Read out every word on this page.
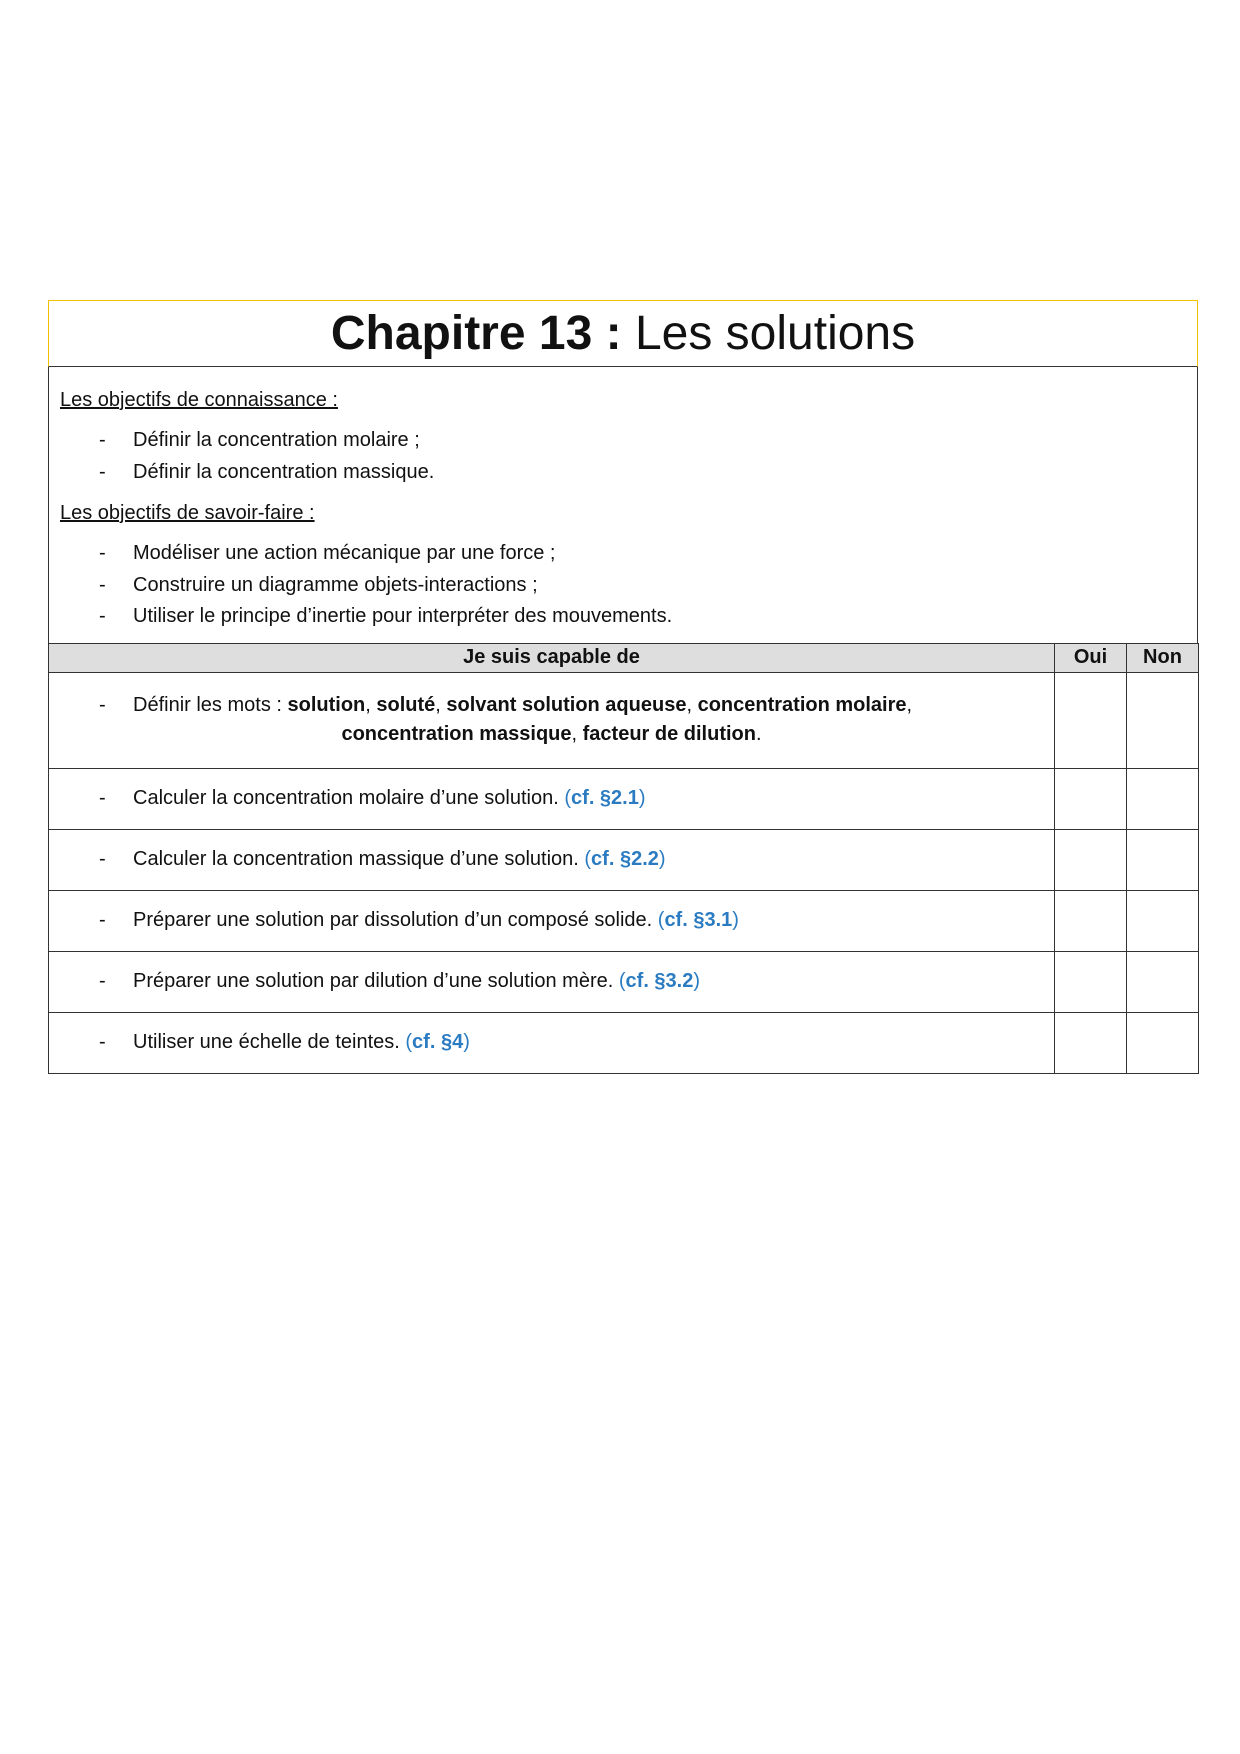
Chapitre 13 : Les solutions
Les objectifs de connaissance :
-	Définir la concentration molaire ;
-	Définir la concentration massique.
Les objectifs de savoir-faire :
-	Modéliser une action mécanique par une force ;
-	Construire un diagramme objets-interactions ;
-	Utiliser le principe d’inertie pour interpréter des mouvements.
Je suis capable de	Oui	Non

- Définir les mots : solution, soluté, solvant solution aqueuse, concentration molaire,
concentration massique, facteur de dilution.		

- Calculer la concentration molaire d’une solution. (cf. §2.1)		

- Calculer la concentration massique d’une solution. (cf. §2.2)		

- Préparer une solution par dissolution d’un composé solide. (cf. §3.1)		

- Préparer une solution par dilution d’une solution mère. (cf. §3.2)		

- Utiliser une échelle de teintes. (cf. §4)		
